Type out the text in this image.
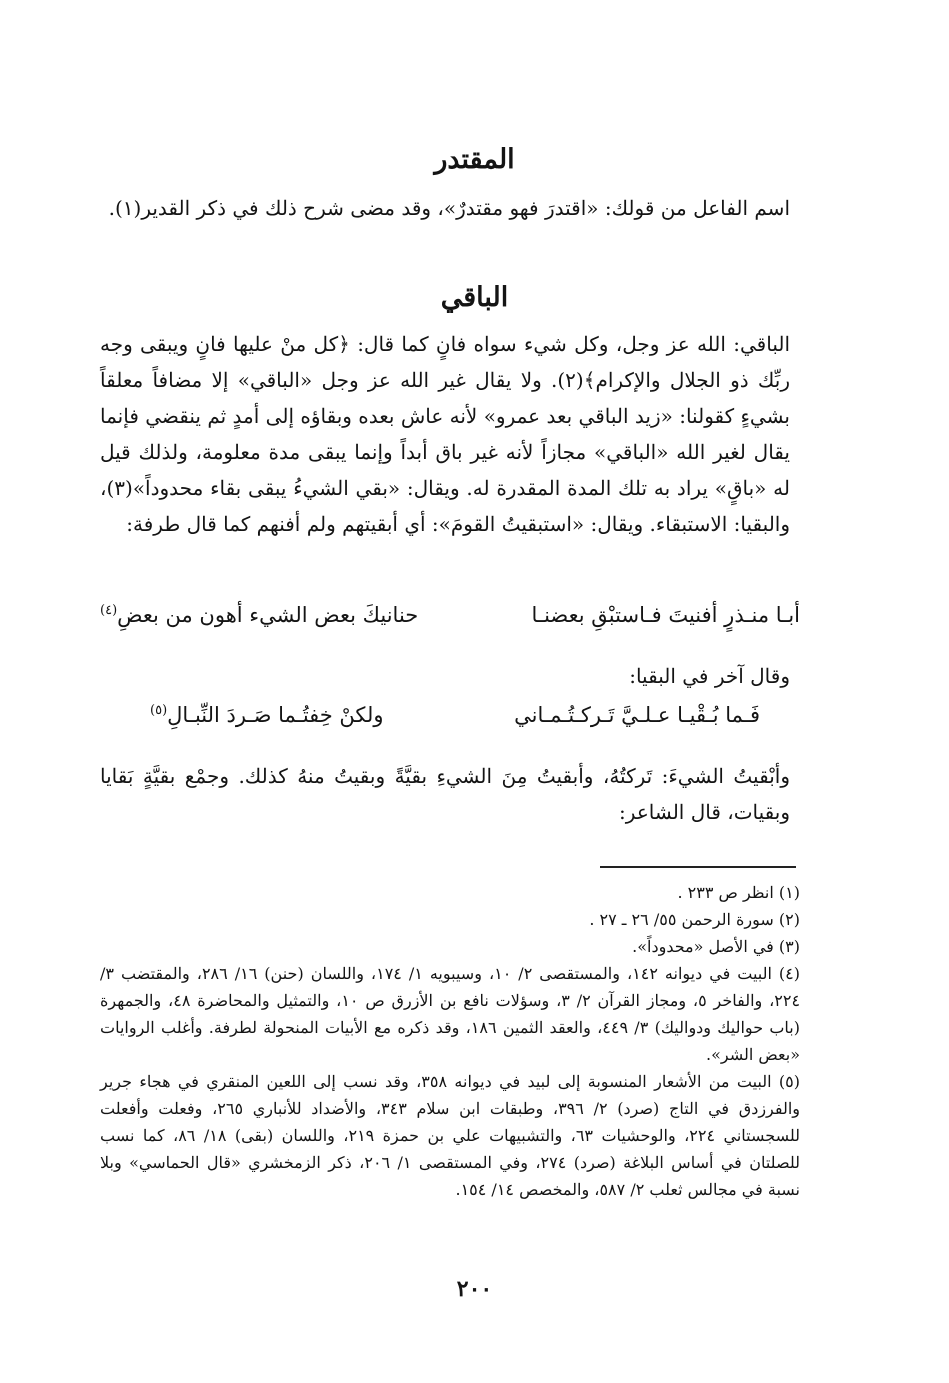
المقتدر

اسم الفاعل من قولك: «اقتدرَ فهو مقتدرٌ»، وقد مضى شرح ذلك في ذكر القدير(١).

الباقي

الباقي: الله عز وجل، وكل شيء سواه فانٍ كما قال: ﴿كل منْ عليها فانٍ ويبقى وجه ربِّك ذو الجلال والإكرام﴾(٢). ولا يقال غير الله عز وجل «الباقي» إلا مضافاً معلقاً بشيءٍ كقولنا: «زيد الباقي بعد عمرو» لأنه عاش بعده وبقاؤه إلى أمدٍ ثم ينقضي فإنما يقال لغير الله «الباقي» مجازاً لأنه غير باق أبداً وإنما يبقى مدة معلومة، ولذلك قيل له «باقٍ» يراد به تلك المدة المقدرة له. ويقال: «بقي الشيءُ يبقى بقاء محدوداً»(٣)، والبقيا: الاستبقاء. ويقال: «استبقيتُ القومَ»: أي أبقيتهم ولم أفنهم كما قال طرفة:

أبـا منـذرٍ أفنيتَ فـاستبْقِ بعضنـا
حنانيكَ بعض الشيء أهون من بعضِ$^{(٤)}$

وقال آخر في البقيا:

فَـما بُـقْيـا عـلـيَّ تَـركـتُـمـاني
ولكنْ خِفتُـما صَـردَ النِّبـالِ$^{(٥)}$

وأبْقيتُ الشيءَ: تَركتُهُ، وأبقيتُ مِنَ الشيءِ بقيَّةً وبقيتُ منهُ كذلك. وجمْع بقيَّةٍ بَقايا وبقيات، قال الشاعر:

(١) انظر ص ٢٣٣ .

(٢) سورة الرحمن ٥٥/ ٢٦ ـ ٢٧ .

(٣) في الأصل «محدوداً».

(٤) البيت في ديوانه ١٤٢، والمستقصى ٢/ ١٠، وسيبويه ١/ ١٧٤، واللسان (حنن) ١٦/ ٢٨٦، والمقتضب ٣/ ٢٢٤، والفاخر ٥، ومجاز القرآن ٢/ ٣، وسؤلات نافع بن الأزرق ص ١٠، والتمثيل والمحاضرة ٤٨، والجمهرة (باب حواليك ودواليك) ٣/ ٤٤٩، والعقد الثمين ١٨٦، وقد ذكره مع الأبيات المنحولة لطرفة. وأغلب الروايات «بعض الشر».

(٥) البيت من الأشعار المنسوبة إلى لبيد في ديوانه ٣٥٨، وقد نسب إلى اللعين المنقري في هجاء جرير والفرزدق في التاج (صرد) ٢/ ٣٩٦، وطبقات ابن سلام ٣٤٣، والأضداد للأنباري ٢٦٥، وفعلت وأفعلت للسجستاني ٢٢٤، والوحشيات ٦٣، والتشبيهات علي بن حمزة ٢١٩، واللسان (بقى) ١٨/ ٨٦، كما نسب للصلتان في أساس البلاغة (صرد) ٢٧٤، وفي المستقصى ١/ ٢٠٦، ذكر الزمخشري «قال الحماسي» وبلا نسبة في مجالس ثعلب ٢/ ٥٨٧، والمخصص ١٤/ ١٥٤.

٢٠٠
